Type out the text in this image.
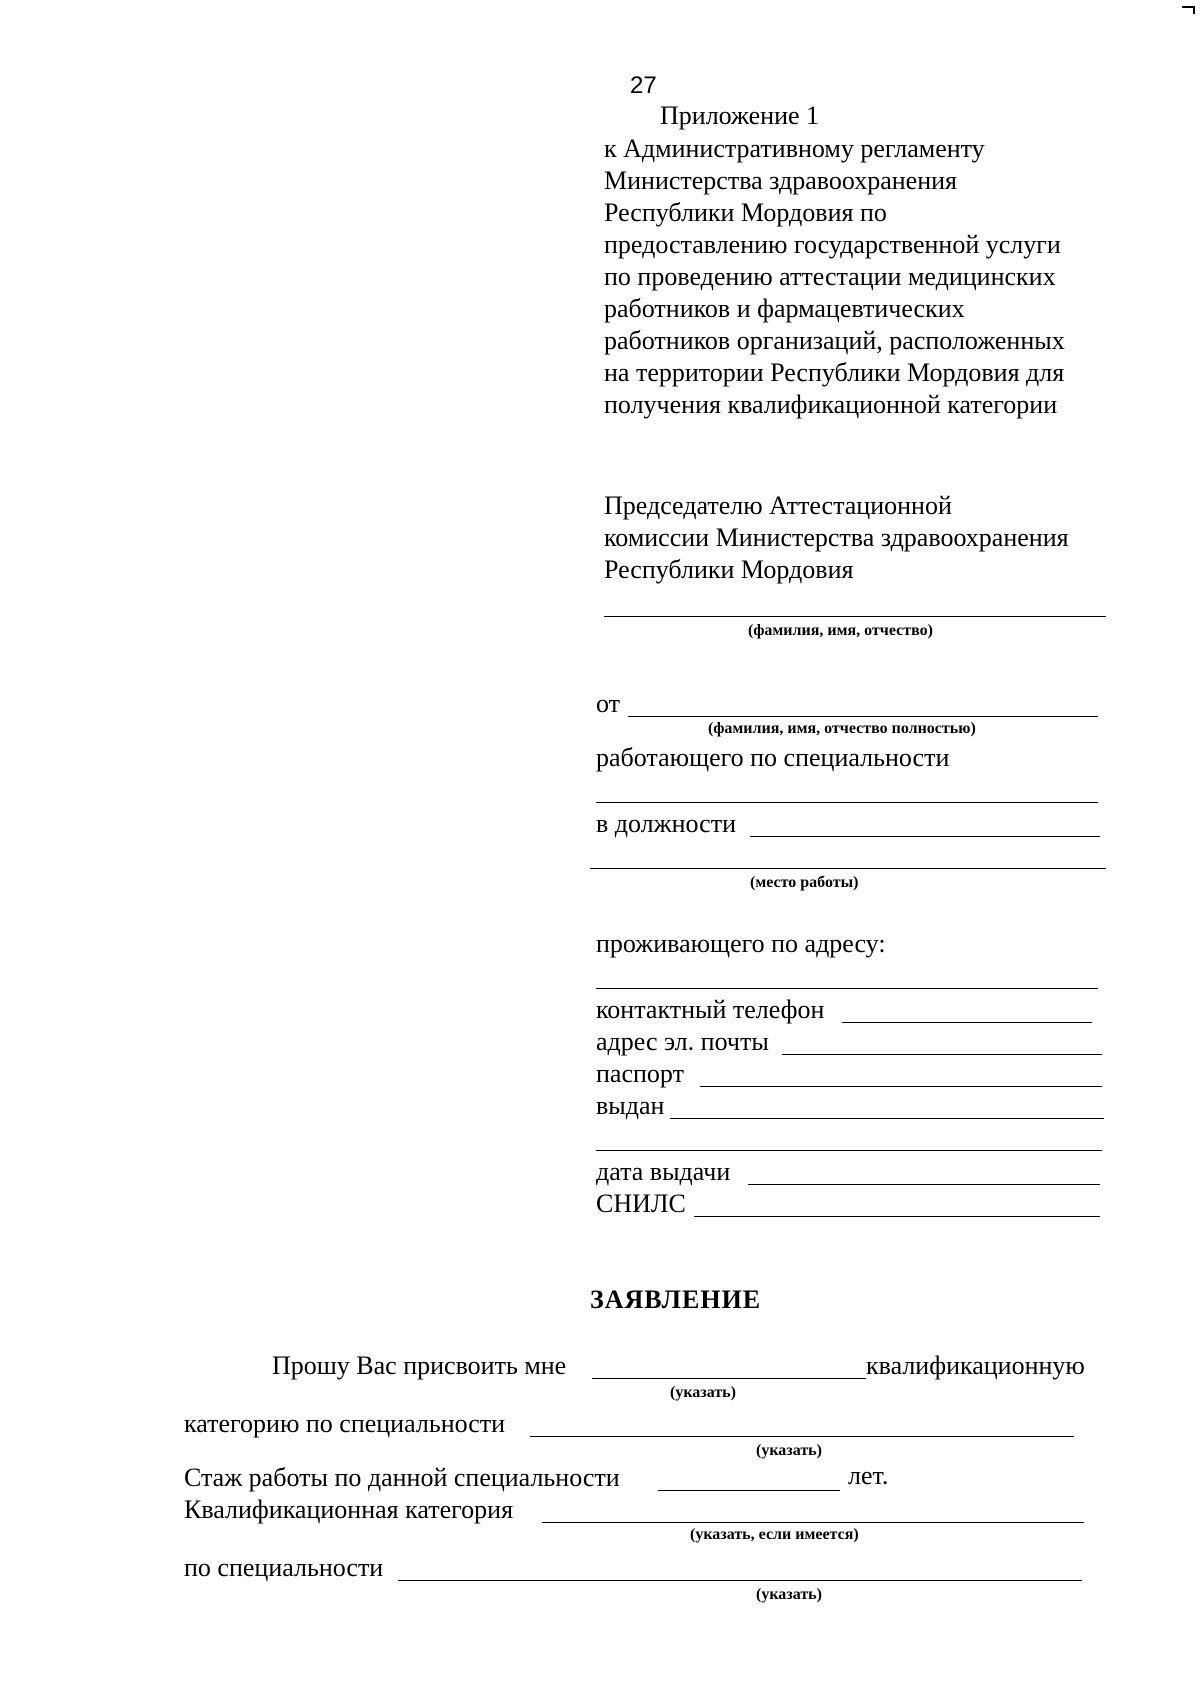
27
Приложение 1
к Административному регламенту
Министерства здравоохранения
Республики Мордовия по
предоставлению государственной услуги
по проведению аттестации медицинских
работников и фармацевтических
работников организаций, расположенных
на территории Республики Мордовия для
получения квалификационной категории
Председателю Аттестационной
комиссии Министерства здравоохранения
Республики Мордовия
(фамилия, имя, отчество)
от
(фамилия, имя, отчество полностью)
работающего по специальности
в должности
(место работы)
проживающего по адресу:
контактный телефон
адрес эл. почты
паспорт
выдан
дата выдачи
СНИЛС
ЗАЯВЛЕНИЕ
Прошу Вас присвоить мне	квалификационную
(указать)
категорию по специальности
(указать)
Стаж работы по данной специальности	лет.
Квалификационная категория
(указать, если имеется)
по специальности
(указать)
